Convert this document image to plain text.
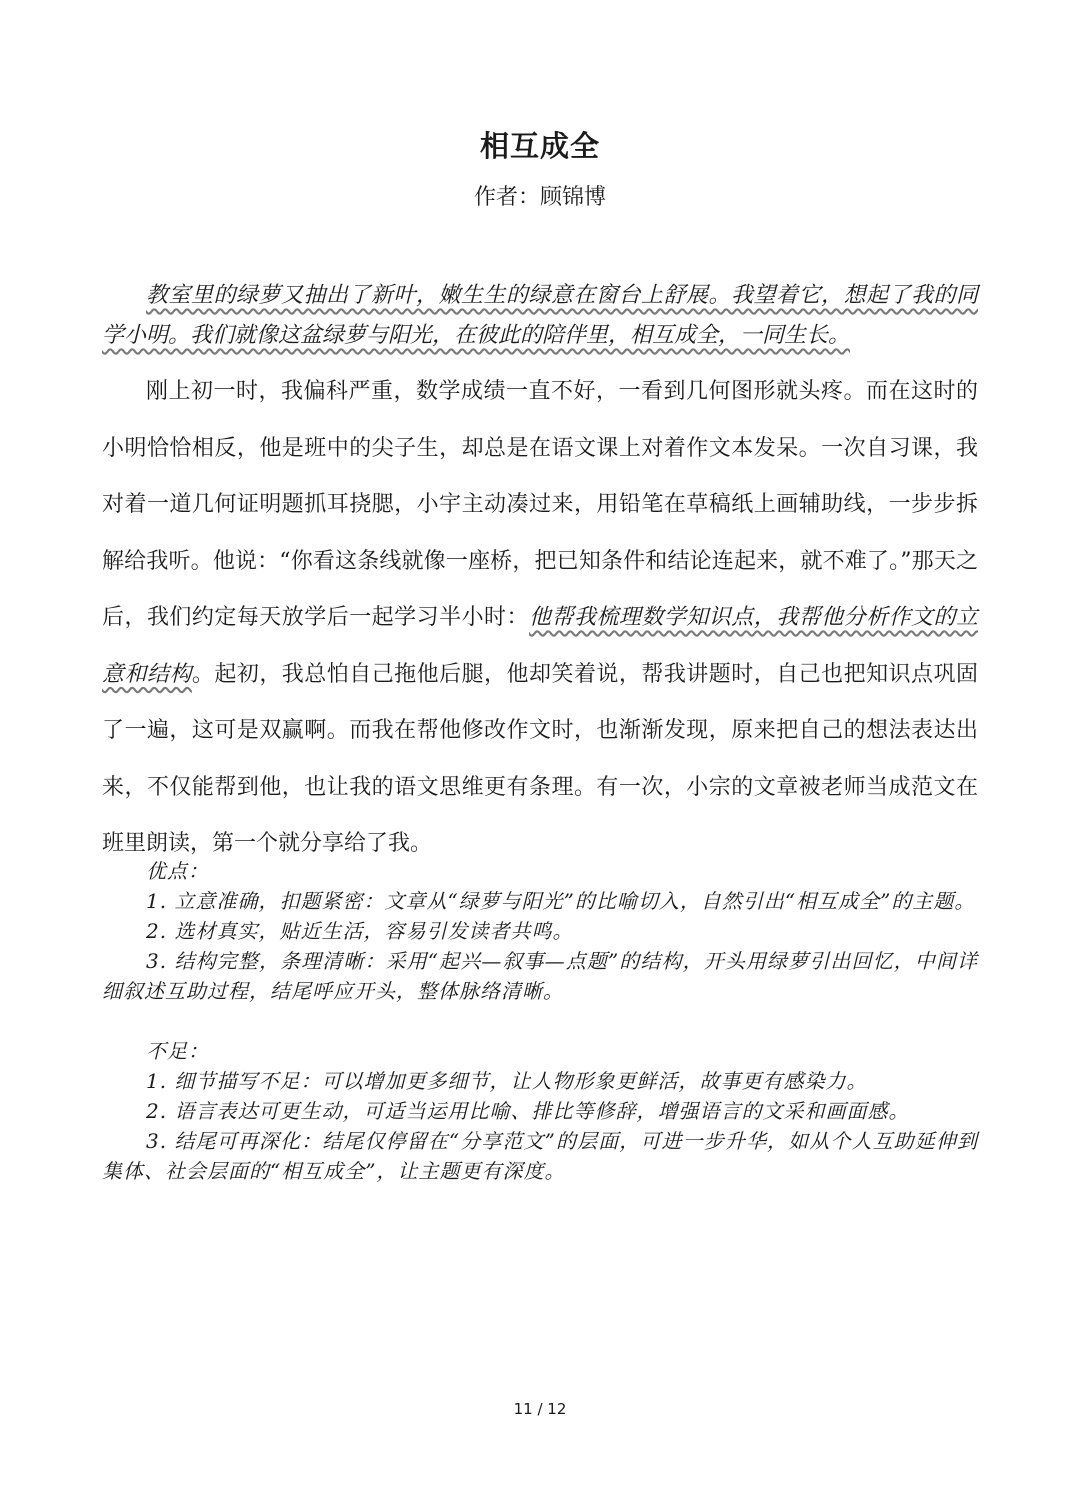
相互成全
作者：顾锦博

教室里的绿萝又抽出了新叶，嫩生生的绿意在窗台上舒展。我望着它，想起了我的同学小明。我们就像这盆绿萝与阳光，在彼此的陪伴里，相互成全，一同生长。

刚上初一时，我偏科严重，数学成绩一直不好，一看到几何图形就头疼。而在这时的小明恰恰相反，他是班中的尖子生，却总是在语文课上对着作文本发呆。一次自习课，我对着一道几何证明题抓耳挠腮，小宇主动凑过来，用铅笔在草稿纸上画辅助线，一步步拆解给我听。他说：“你看这条线就像一座桥，把已知条件和结论连起来，就不难了。”那天之后，我们约定每天放学后一起学习半小时：他帮我梳理数学知识点，我帮他分析作文的立意和结构。起初，我总怕自己拖他后腿，他却笑着说，帮我讲题时，自己也把知识点巩固了一遍，这可是双赢啊。而我在帮他修改作文时，也渐渐发现，原来把自己的想法表达出来，不仅能帮到他，也让我的语文思维更有条理。有一次，小宗的文章被老师当成范文在班里朗读，第一个就分享给了我。

优点：
1. 立意准确，扣题紧密：文章从“绿萝与阳光”的比喻切入，自然引出“相互成全”的主题。
2. 选材真实，贴近生活，容易引发读者共鸣。
3. 结构完整，条理清晰：采用“起兴—叙事—点题”的结构，开头用绿萝引出回忆，中间详细叙述互助过程，结尾呼应开头，整体脉络清晰。
不足：
1. 细节描写不足：可以增加更多细节，让人物形象更鲜活，故事更有感染力。
2. 语言表达可更生动，可适当运用比喻、排比等修辞，增强语言的文采和画面感。
3. 结尾可再深化：结尾仅停留在“分享范文”的层面，可进一步升华，如从个人互助延伸到集体、社会层面的“相互成全”，让主题更有深度。
11 / 12
